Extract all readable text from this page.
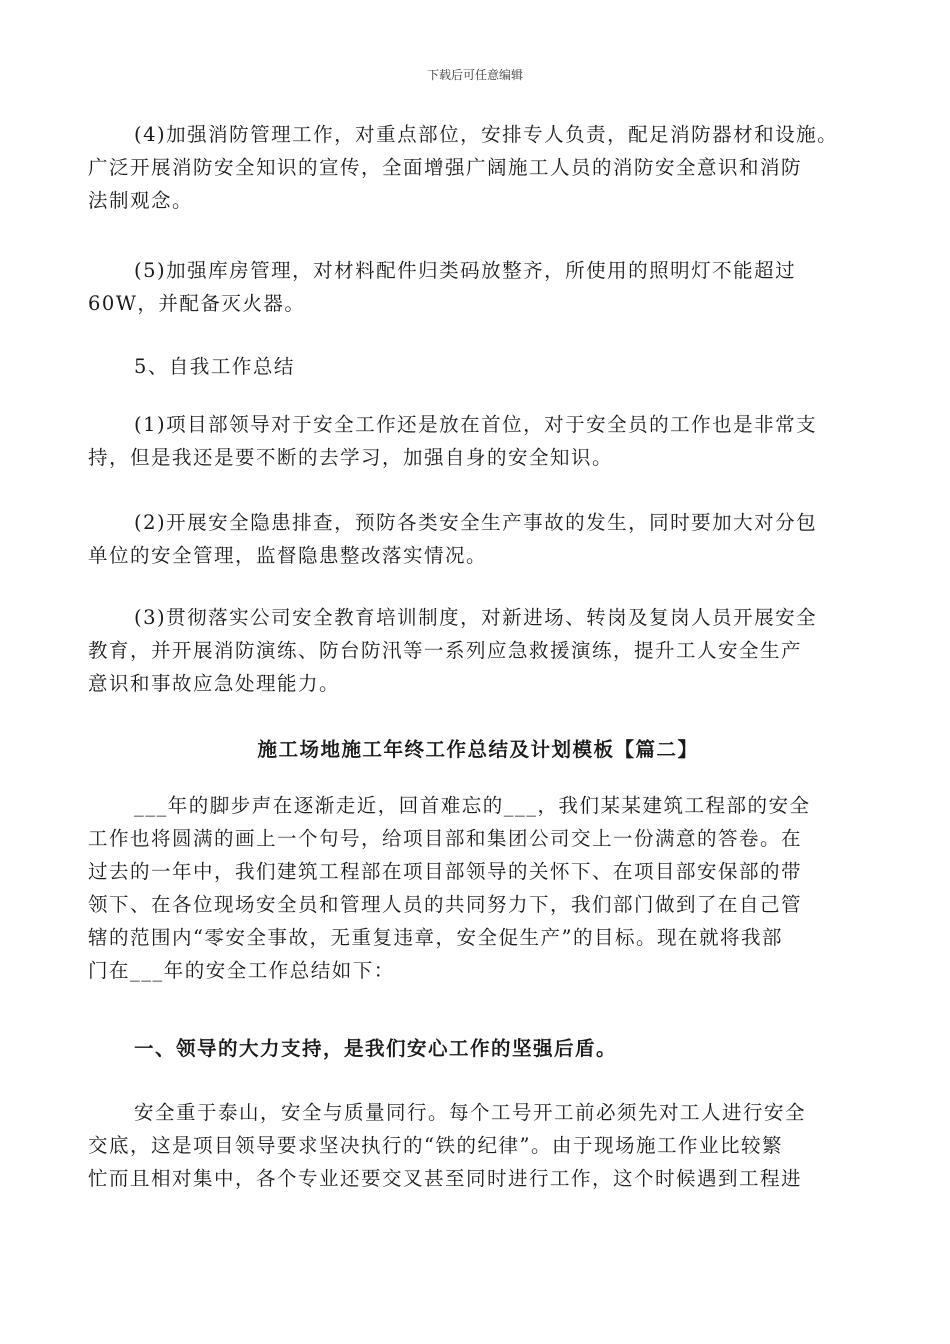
下载后可任意编辑
(4)加强消防管理工作，对重点部位，安排专人负责，配足消防器材和设施。
广泛开展消防安全知识的宣传，全面增强广阔施工人员的消防安全意识和消防
法制观念。
(5)加强库房管理，对材料配件归类码放整齐，所使用的照明灯不能超过
60W，并配备灭火器。
5、自我工作总结
(1)项目部领导对于安全工作还是放在首位，对于安全员的工作也是非常支
持，但是我还是要不断的去学习，加强自身的安全知识。
(2)开展安全隐患排查，预防各类安全生产事故的发生，同时要加大对分包
单位的安全管理，监督隐患整改落实情况。
(3)贯彻落实公司安全教育培训制度，对新进场、转岗及复岗人员开展安全
教育，并开展消防演练、防台防汛等一系列应急救援演练，提升工人安全生产
意识和事故应急处理能力。
施工场地施工年终工作总结及计划模板【篇二】
___年的脚步声在逐渐走近，回首难忘的___，我们某某建筑工程部的安全
工作也将圆满的画上一个句号，给项目部和集团公司交上一份满意的答卷。在
过去的一年中，我们建筑工程部在项目部领导的关怀下、在项目部安保部的带
领下、在各位现场安全员和管理人员的共同努力下，我们部门做到了在自己管
辖的范围内“零安全事故，无重复违章，安全促生产”的目标。现在就将我部
门在___年的安全工作总结如下：
一、领导的大力支持，是我们安心工作的坚强后盾。
安全重于泰山，安全与质量同行。每个工号开工前必须先对工人进行安全
交底，这是项目领导要求坚决执行的“铁的纪律”。由于现场施工作业比较繁
忙而且相对集中，各个专业还要交叉甚至同时进行工作，这个时候遇到工程进
